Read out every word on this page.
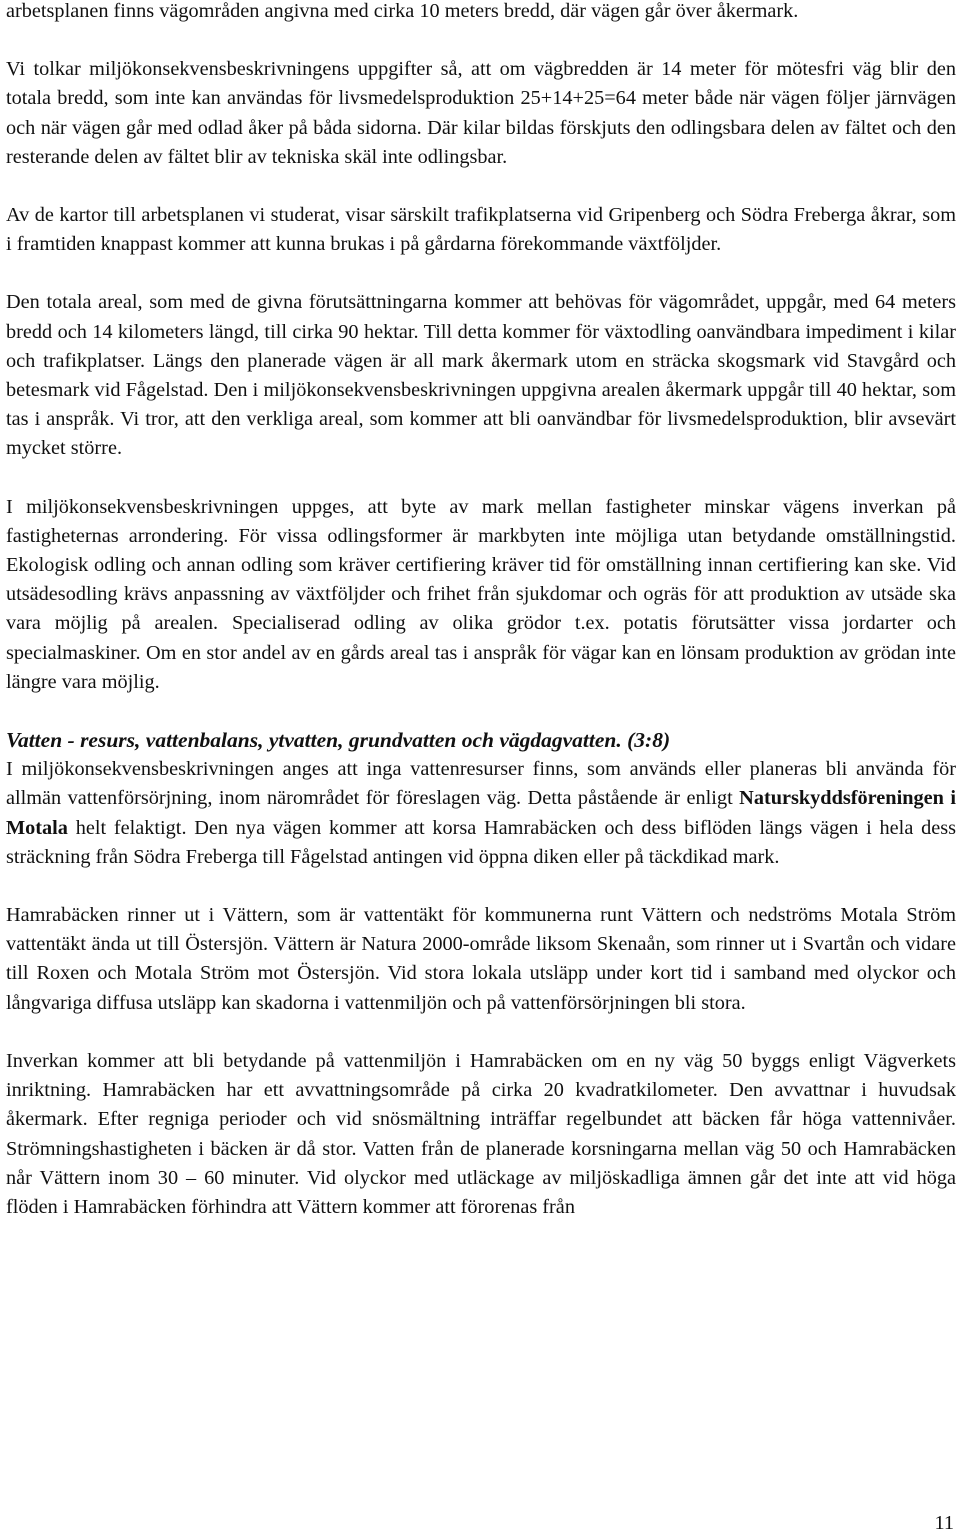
arbetsplanen finns vägområden angivna med cirka 10 meters bredd, där vägen går över åkermark.

Vi tolkar miljökonsekvensbeskrivningens uppgifter så, att om vägbredden är 14 meter för mötesfri väg blir den totala bredd, som inte kan användas för livsmedelsproduktion 25+14+25=64 meter både när vägen följer järnvägen och när vägen går med odlad åker på båda sidorna. Där kilar bildas förskjuts den odlingsbara delen av fältet och den resterande delen av fältet blir av tekniska skäl inte odlingsbar.

Av de kartor till arbetsplanen vi studerat, visar särskilt trafikplatserna vid Gripenberg och Södra Freberga åkrar, som i framtiden knappast kommer att kunna brukas i på gårdarna förekommande växtföljder.

Den totala areal, som med de givna förutsättningarna kommer att behövas för vägområdet, uppgår, med 64 meters bredd och 14 kilometers längd, till cirka 90 hektar. Till detta kommer för växtodling oanvändbara impediment i kilar och trafikplatser. Längs den planerade vägen är all mark åkermark utom en sträcka skogsmark vid Stavgård och betesmark vid Fågelstad. Den i miljökonsekvensbeskrivningen uppgivna arealen åkermark uppgår till 40 hektar, som tas i anspråk. Vi tror, att den verkliga areal, som kommer att bli oanvändbar för livsmedelsproduktion, blir avsevärt mycket större.

I miljökonsekvensbeskrivningen uppges, att byte av mark mellan fastigheter minskar vägens inverkan på fastigheternas arrondering. För vissa odlingsformer är markbyten inte möjliga utan betydande omställningstid. Ekologisk odling och annan odling som kräver certifiering kräver tid för omställning innan certifiering kan ske. Vid utsädesodling krävs anpassning av växtföljder och frihet från sjukdomar och ogräs för att produktion av utsäde ska vara möjlig på arealen. Specialiserad odling av olika grödor t.ex. potatis förutsätter vissa jordarter och specialmaskiner. Om en stor andel av en gårds areal tas i anspråk för vägar kan en lönsam produktion av grödan inte längre vara möjlig.

Vatten - resurs, vattenbalans, ytvatten, grundvatten och vägdagvatten. (3:8)

I miljökonsekvensbeskrivningen anges att inga vattenresurser finns, som används eller planeras bli använda för allmän vattenförsörjning, inom närområdet för föreslagen väg. Detta påstående är enligt Naturskyddsföreningen i Motala helt felaktigt. Den nya vägen kommer att korsa Hamrabäcken och dess biflöden längs vägen i hela dess sträckning från Södra Freberga till Fågelstad antingen vid öppna diken eller på täckdikad mark.

Hamrabäcken rinner ut i Vättern, som är vattentäkt för kommunerna runt Vättern och nedströms Motala Ström vattentäkt ända ut till Östersjön. Vättern är Natura 2000-område liksom Skenaån, som rinner ut i Svartån och vidare till Roxen och Motala Ström mot Östersjön. Vid stora lokala utsläpp under kort tid i samband med olyckor och långvariga diffusa utsläpp kan skadorna i vattenmiljön och på vattenförsörjningen bli stora.

Inverkan kommer att bli betydande på vattenmiljön i Hamrabäcken om en ny väg 50 byggs enligt Vägverkets inriktning. Hamrabäcken har ett avvattningsområde på cirka 20 kvadratkilometer. Den avvattnar i huvudsak åkermark. Efter regniga perioder och vid snösmältning inträffar regelbundet att bäcken får höga vattennivåer. Strömningshastigheten i bäcken är då stor. Vatten från de planerade korsningarna mellan väg 50 och Hamrabäcken når Vättern inom 30 – 60 minuter. Vid olyckor med utläckage av miljöskadliga ämnen går det inte att vid höga flöden i Hamrabäcken förhindra att Vättern kommer att förorenas från

11
